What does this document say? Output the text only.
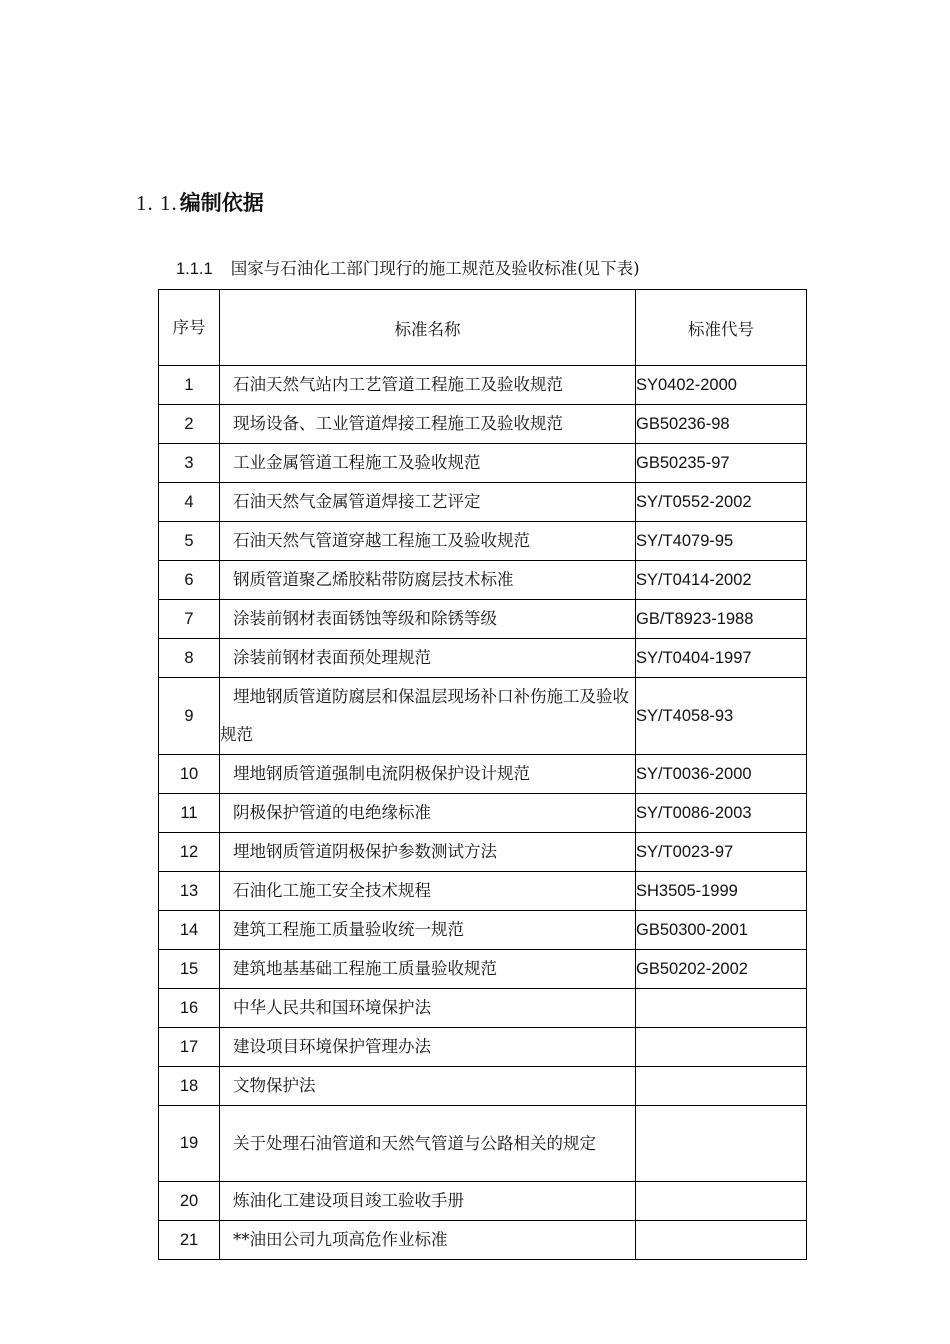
1. 1.编制依据
1.1.1 国家与石油化工部门现行的施工规范及验收标准(见下表)
序号	标准名称	标准代号
1	石油天然气站内工艺管道工程施工及验收规范	SY0402-2000
2	现场设备、工业管道焊接工程施工及验收规范	GB50236-98
3	工业金属管道工程施工及验收规范	GB50235-97
4	石油天然气金属管道焊接工艺评定	SY/T0552-2002
5	石油天然气管道穿越工程施工及验收规范	SY/T4079-95
6	钢质管道聚乙烯胶粘带防腐层技术标准	SY/T0414-2002
7	涂装前钢材表面锈蚀等级和除锈等级	GB/T8923-1988
8	涂装前钢材表面预处理规范	SY/T0404-1997
9	埋地钢质管道防腐层和保温层现场补口补伤施工及验收规范	SY/T4058-93
10	埋地钢质管道强制电流阴极保护设计规范	SY/T0036-2000
11	阴极保护管道的电绝缘标准	SY/T0086-2003
12	埋地钢质管道阴极保护参数测试方法	SY/T0023-97
13	石油化工施工安全技术规程	SH3505-1999
14	建筑工程施工质量验收统一规范	GB50300-2001
15	建筑地基基础工程施工质量验收规范	GB50202-2002
16	中华人民共和国环境保护法	
17	建设项目环境保护管理办法	
18	文物保护法	
19	关于处理石油管道和天然气管道与公路相关的规定	
20	炼油化工建设项目竣工验收手册	
21	**油田公司九项高危作业标准	
